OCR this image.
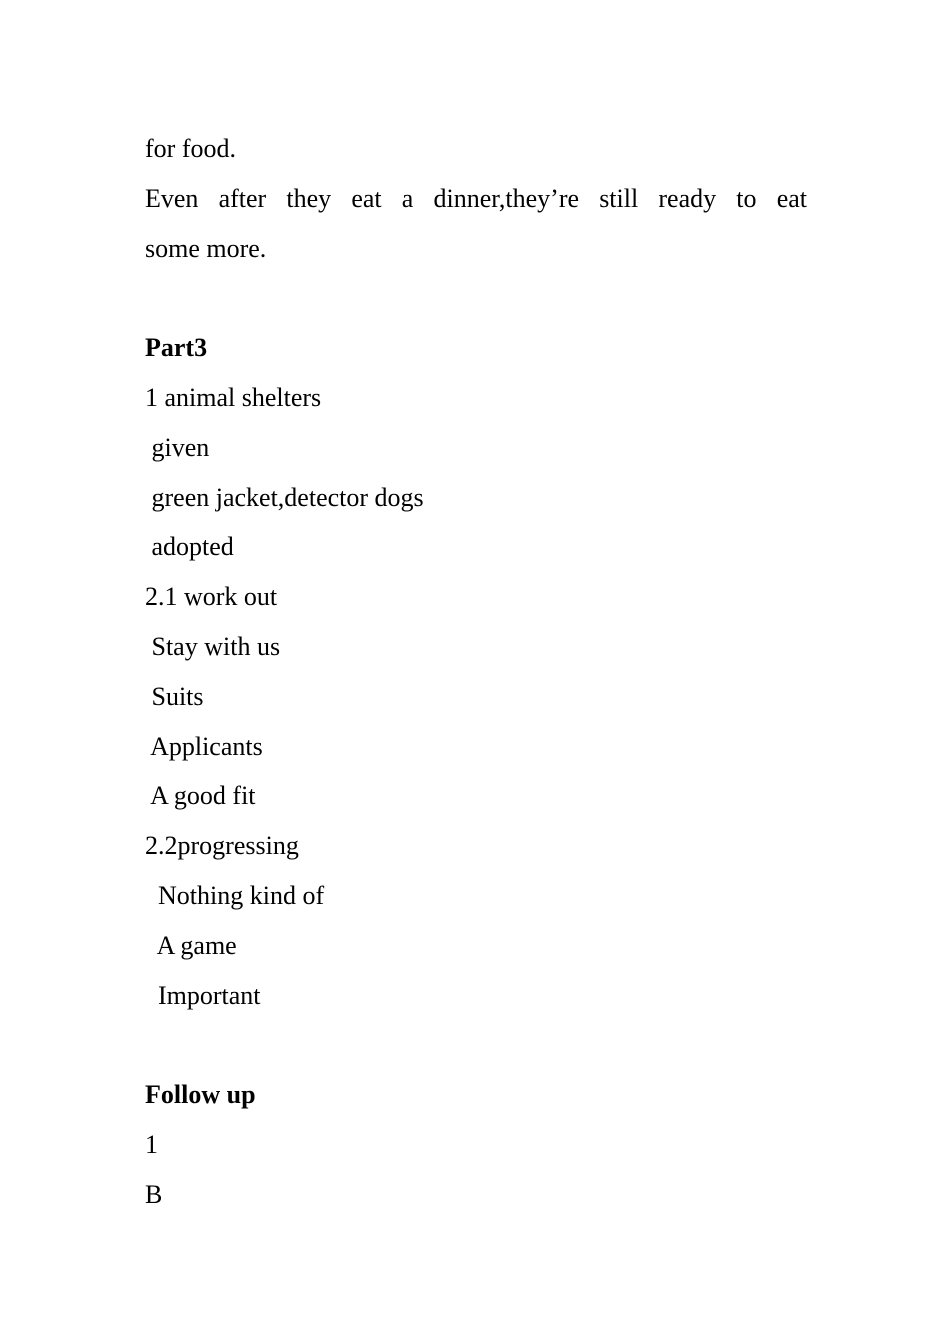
for food.
Even after they eat a dinner,they’re still ready to eat
some more.
Part3
1 animal shelters
given
green jacket,detector dogs
adopted
2.1 work out
Stay with us
Suits
Applicants
A good fit
2.2progressing
Nothing kind of
A game
Important
Follow up
1
B
